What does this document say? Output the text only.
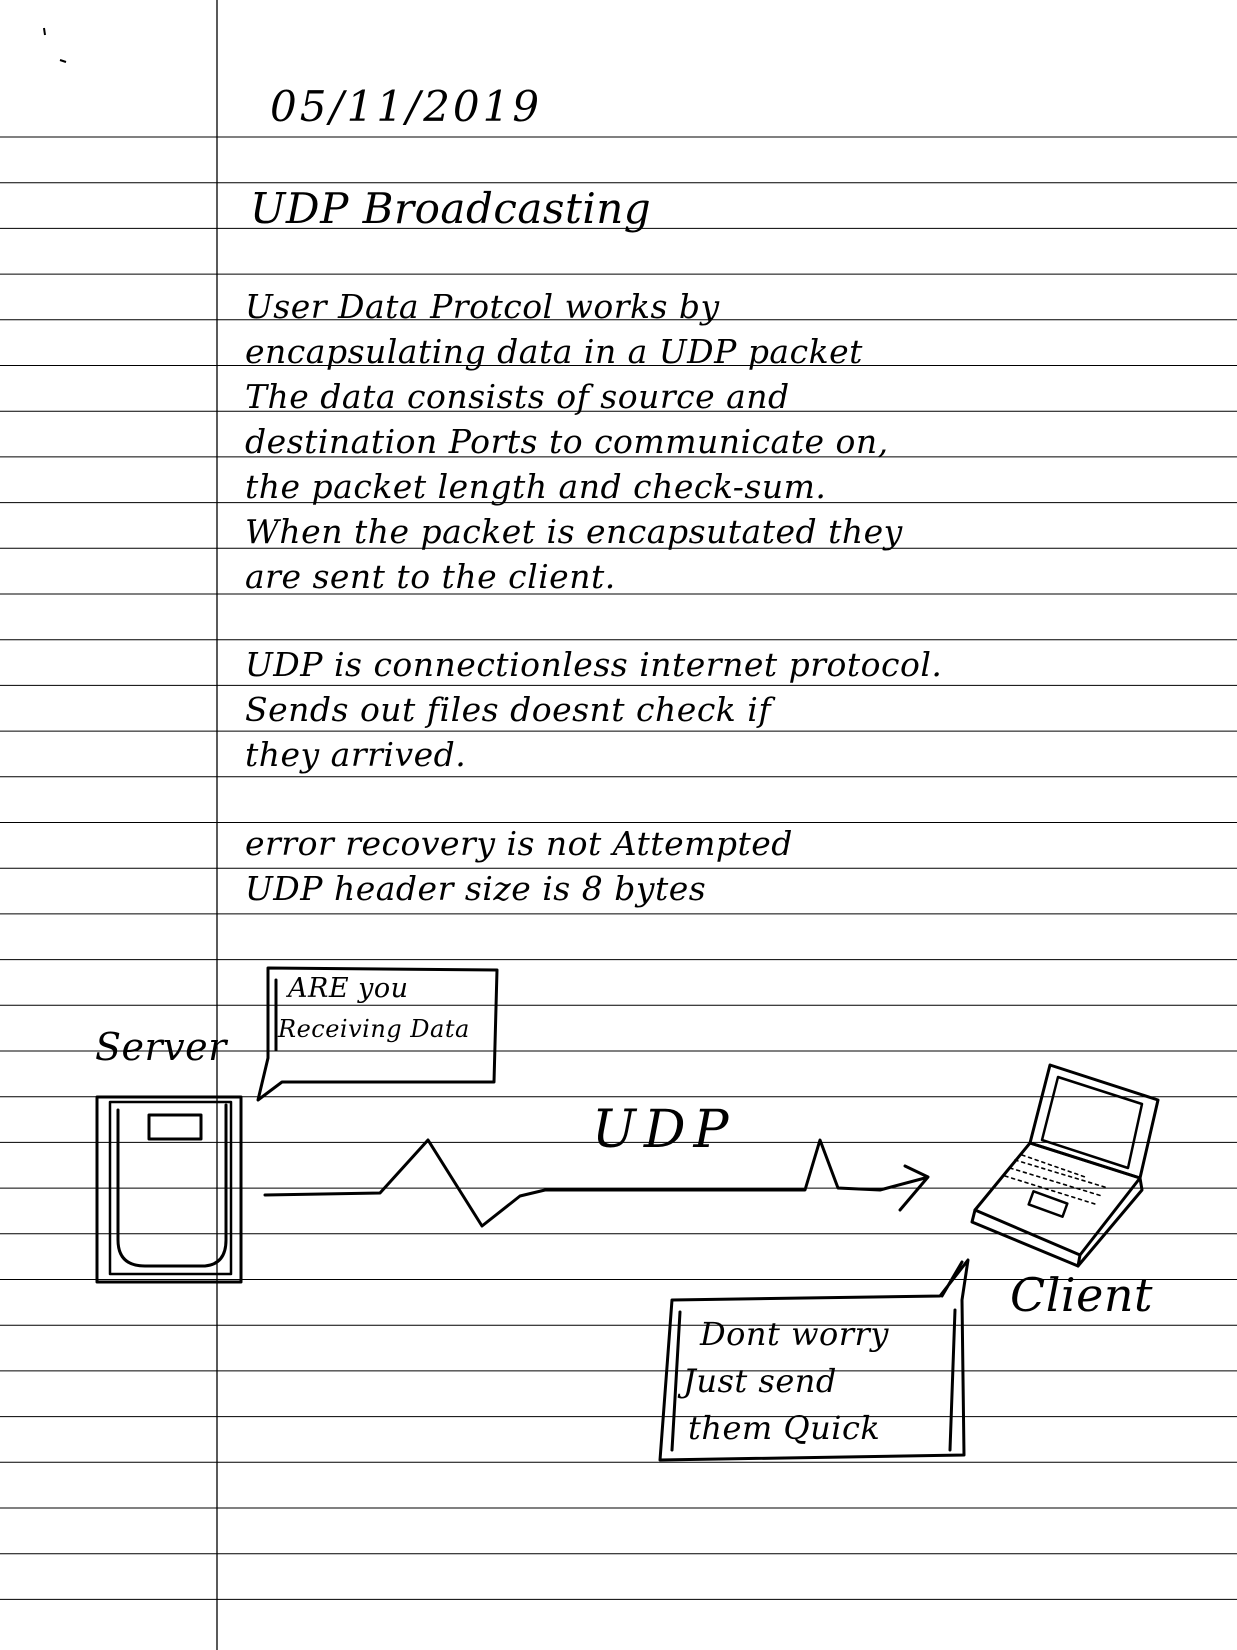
05/11/2019

UDP Broadcasting

User Data Protcol works by

encapsulating data in a UDP packet

The data consists of source and

destination Ports to communicate on,

the packet length and check-sum.

When the packet is encapsutated they

are sent to the client.

UDP is connectionless internet protocol.

Sends out files doesnt check if

they arrived.

error recovery is not Attempted

UDP header size is 8 bytes

Server

UDP

Client

ARE you

Receiving Data

Dont worry

Just send

them Quick
